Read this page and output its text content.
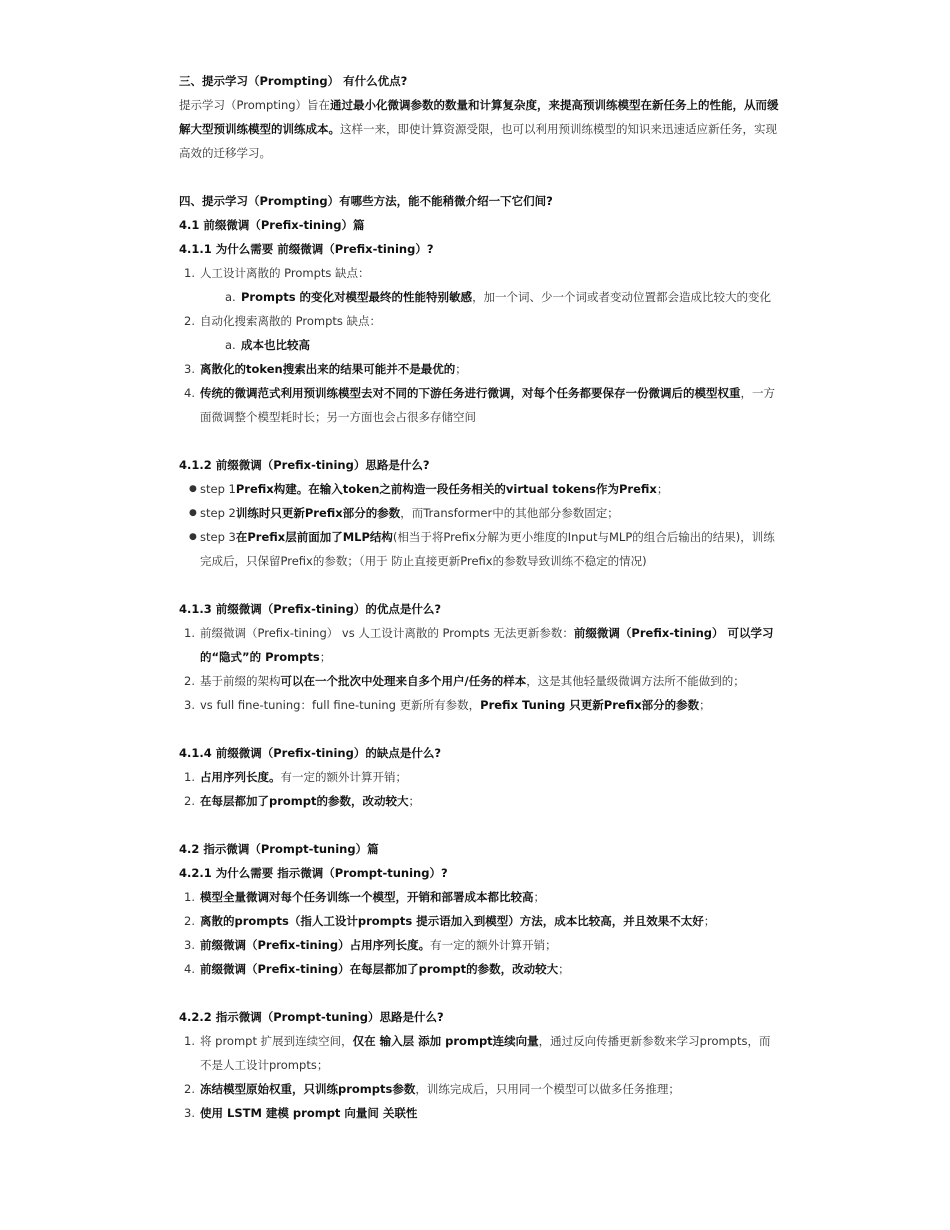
三、提示学习（Prompting） 有什么优点?
提示学习（Prompting）旨在通过最小化微调参数的数量和计算复杂度，来提高预训练模型在新任务上的性能，从而缓解大型预训练模型的训练成本。这样一来，即使计算资源受限，也可以利用预训练模型的知识来迅速适应新任务，实现高效的迁移学习。
四、提示学习（Prompting）有哪些方法，能不能稍微介绍一下它们间?
4.1 前缀微调（Prefix-tining）篇
4.1.1 为什么需要 前缀微调（Prefix-tining）?
1. 人工设计离散的 Prompts 缺点：
a. Prompts 的变化对模型最终的性能特别敏感，加一个词、少一个词或者变动位置都会造成比较大的变化
2. 自动化搜索离散的 Prompts 缺点：
a. 成本也比较高
3. 离散化的token搜索出来的结果可能并不是最优的；
4. 传统的微调范式利用预训练模型去对不同的下游任务进行微调，对每个任务都要保存一份微调后的模型权重，一方面微调整个模型耗时长；另一方面也会占很多存储空间
4.1.2 前缀微调（Prefix-tining）思路是什么?
● step 1Prefix构建。在输入token之前构造一段任务相关的virtual tokens作为Prefix；
● step 2训练时只更新Prefix部分的参数，而Transformer中的其他部分参数固定；
● step 3在Prefix层前面加了MLP结构(相当于将Prefix分解为更小维度的Input与MLP的组合后输出的结果)，训练完成后，只保留Prefix的参数；（用于 防止直接更新Prefix的参数导致训练不稳定的情况)
4.1.3 前缀微调（Prefix-tining）的优点是什么?
1. 前缀微调（Prefix-tining） vs 人工设计离散的 Prompts 无法更新参数：前缀微调（Prefix-tining） 可以学习的“隐式”的 Prompts；
2. 基于前缀的架构可以在一个批次中处理来自多个用户/任务的样本，这是其他轻量级微调方法所不能做到的；
3. vs full fine-tuning：full fine-tuning 更新所有参数，Prefix Tuning 只更新Prefix部分的参数；
4.1.4 前缀微调（Prefix-tining）的缺点是什么?
1. 占用序列长度。有一定的额外计算开销；
2. 在每层都加了prompt的参数，改动较大；
4.2 指示微调（Prompt-tuning）篇
4.2.1 为什么需要 指示微调（Prompt-tuning）?
1. 模型全量微调对每个任务训练一个模型，开销和部署成本都比较高；
2. 离散的prompts（指人工设计prompts 提示语加入到模型）方法，成本比较高，并且效果不太好；
3. 前缀微调（Prefix-tining）占用序列长度。有一定的额外计算开销；
4. 前缀微调（Prefix-tining）在每层都加了prompt的参数，改动较大；
4.2.2 指示微调（Prompt-tuning）思路是什么?
1. 将 prompt 扩展到连续空间，仅在 输入层 添加 prompt连续向量，通过反向传播更新参数来学习prompts，而不是人工设计prompts；
2. 冻结模型原始权重，只训练prompts参数，训练完成后，只用同一个模型可以做多任务推理；
3. 使用 LSTM 建模 prompt 向量间 关联性
